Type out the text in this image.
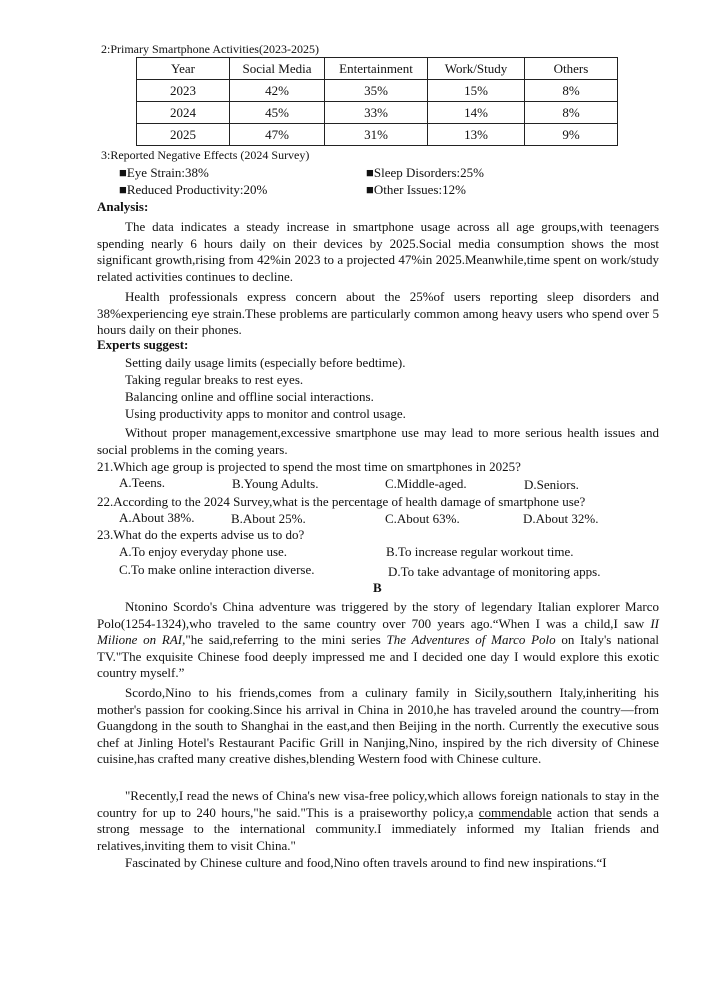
2:Primary Smartphone Activities(2023-2025)
Year	Social Media	Entertainment	Work/Study	Others
2023	42%	35%	15%	8%
2024	45%	33%	14%	8%
2025	47%	31%	13%	9%
3:Reported Negative Effects (2024 Survey)
■Eye Strain:38%	■Sleep Disorders:25%
■Reduced Productivity:20%	■Other Issues:12%
Analysis:
The data indicates a steady increase in smartphone usage across all age groups,with teenagers spending nearly 6 hours daily on their devices by 2025.Social media consumption shows the most significant growth,rising from 42%in 2023 to a projected 47%in 2025.Meanwhile,time spent on work/study related activities continues to decline.
Health professionals express concern about the 25%of users reporting sleep disorders and 38%experiencing eye strain.These problems are particularly common among heavy users who spend over 5 hours daily on their phones.
Experts suggest:
Setting daily usage limits (especially before bedtime).
Taking regular breaks to rest eyes.
Balancing online and offline social interactions.
Using productivity apps to monitor and control usage.
Without proper management,excessive smartphone use may lead to more serious health issues and social problems in the coming years.
21.Which age group is projected to spend the most time on smartphones in 2025?
A.Teens.	B.Young Adults.	C.Middle-aged.	D.Seniors.
22.According to the 2024 Survey,what is the percentage of health damage of smartphone use?
A.About 38%.	B.About 25%.	C.About 63%.	D.About 32%.
23.What do the experts advise us to do?
A.To enjoy everyday phone use.	B.To increase regular workout time.
C.To make online interaction diverse.	D.To take advantage of monitoring apps.
B
Ntonino Scordo's China adventure was triggered by the story of legendary Italian explorer Marco Polo(1254-1324),who traveled to the same country over 700 years ago.“When I was a child,I saw II Milione on RAI,"he said,referring to the mini series The Adventures of Marco Polo on Italy's national TV."The exquisite Chinese food deeply impressed me and I decided one day I would explore this exotic country myself.”
Scordo,Nino to his friends,comes from a culinary family in Sicily,southern Italy,inheriting his mother's passion for cooking.Since his arrival in China in 2010,he has traveled around the country—from Guangdong in the south to Shanghai in the east,and then Beijing in the north. Currently the executive sous chef at Jinling Hotel's Restaurant Pacific Grill in Nanjing,Nino, inspired by the rich diversity of Chinese cuisine,has crafted many creative dishes,blending Western food with Chinese culture.
"Recently,I read the news of China's new visa-free policy,which allows foreign nationals to stay in the country for up to 240 hours,"he said."This is a praiseworthy policy,a commendable action that sends a strong message to the international community.I immediately informed my Italian friends and relatives,inviting them to visit China."
Fascinated by Chinese culture and food,Nino often travels around to find new inspirations.“I
